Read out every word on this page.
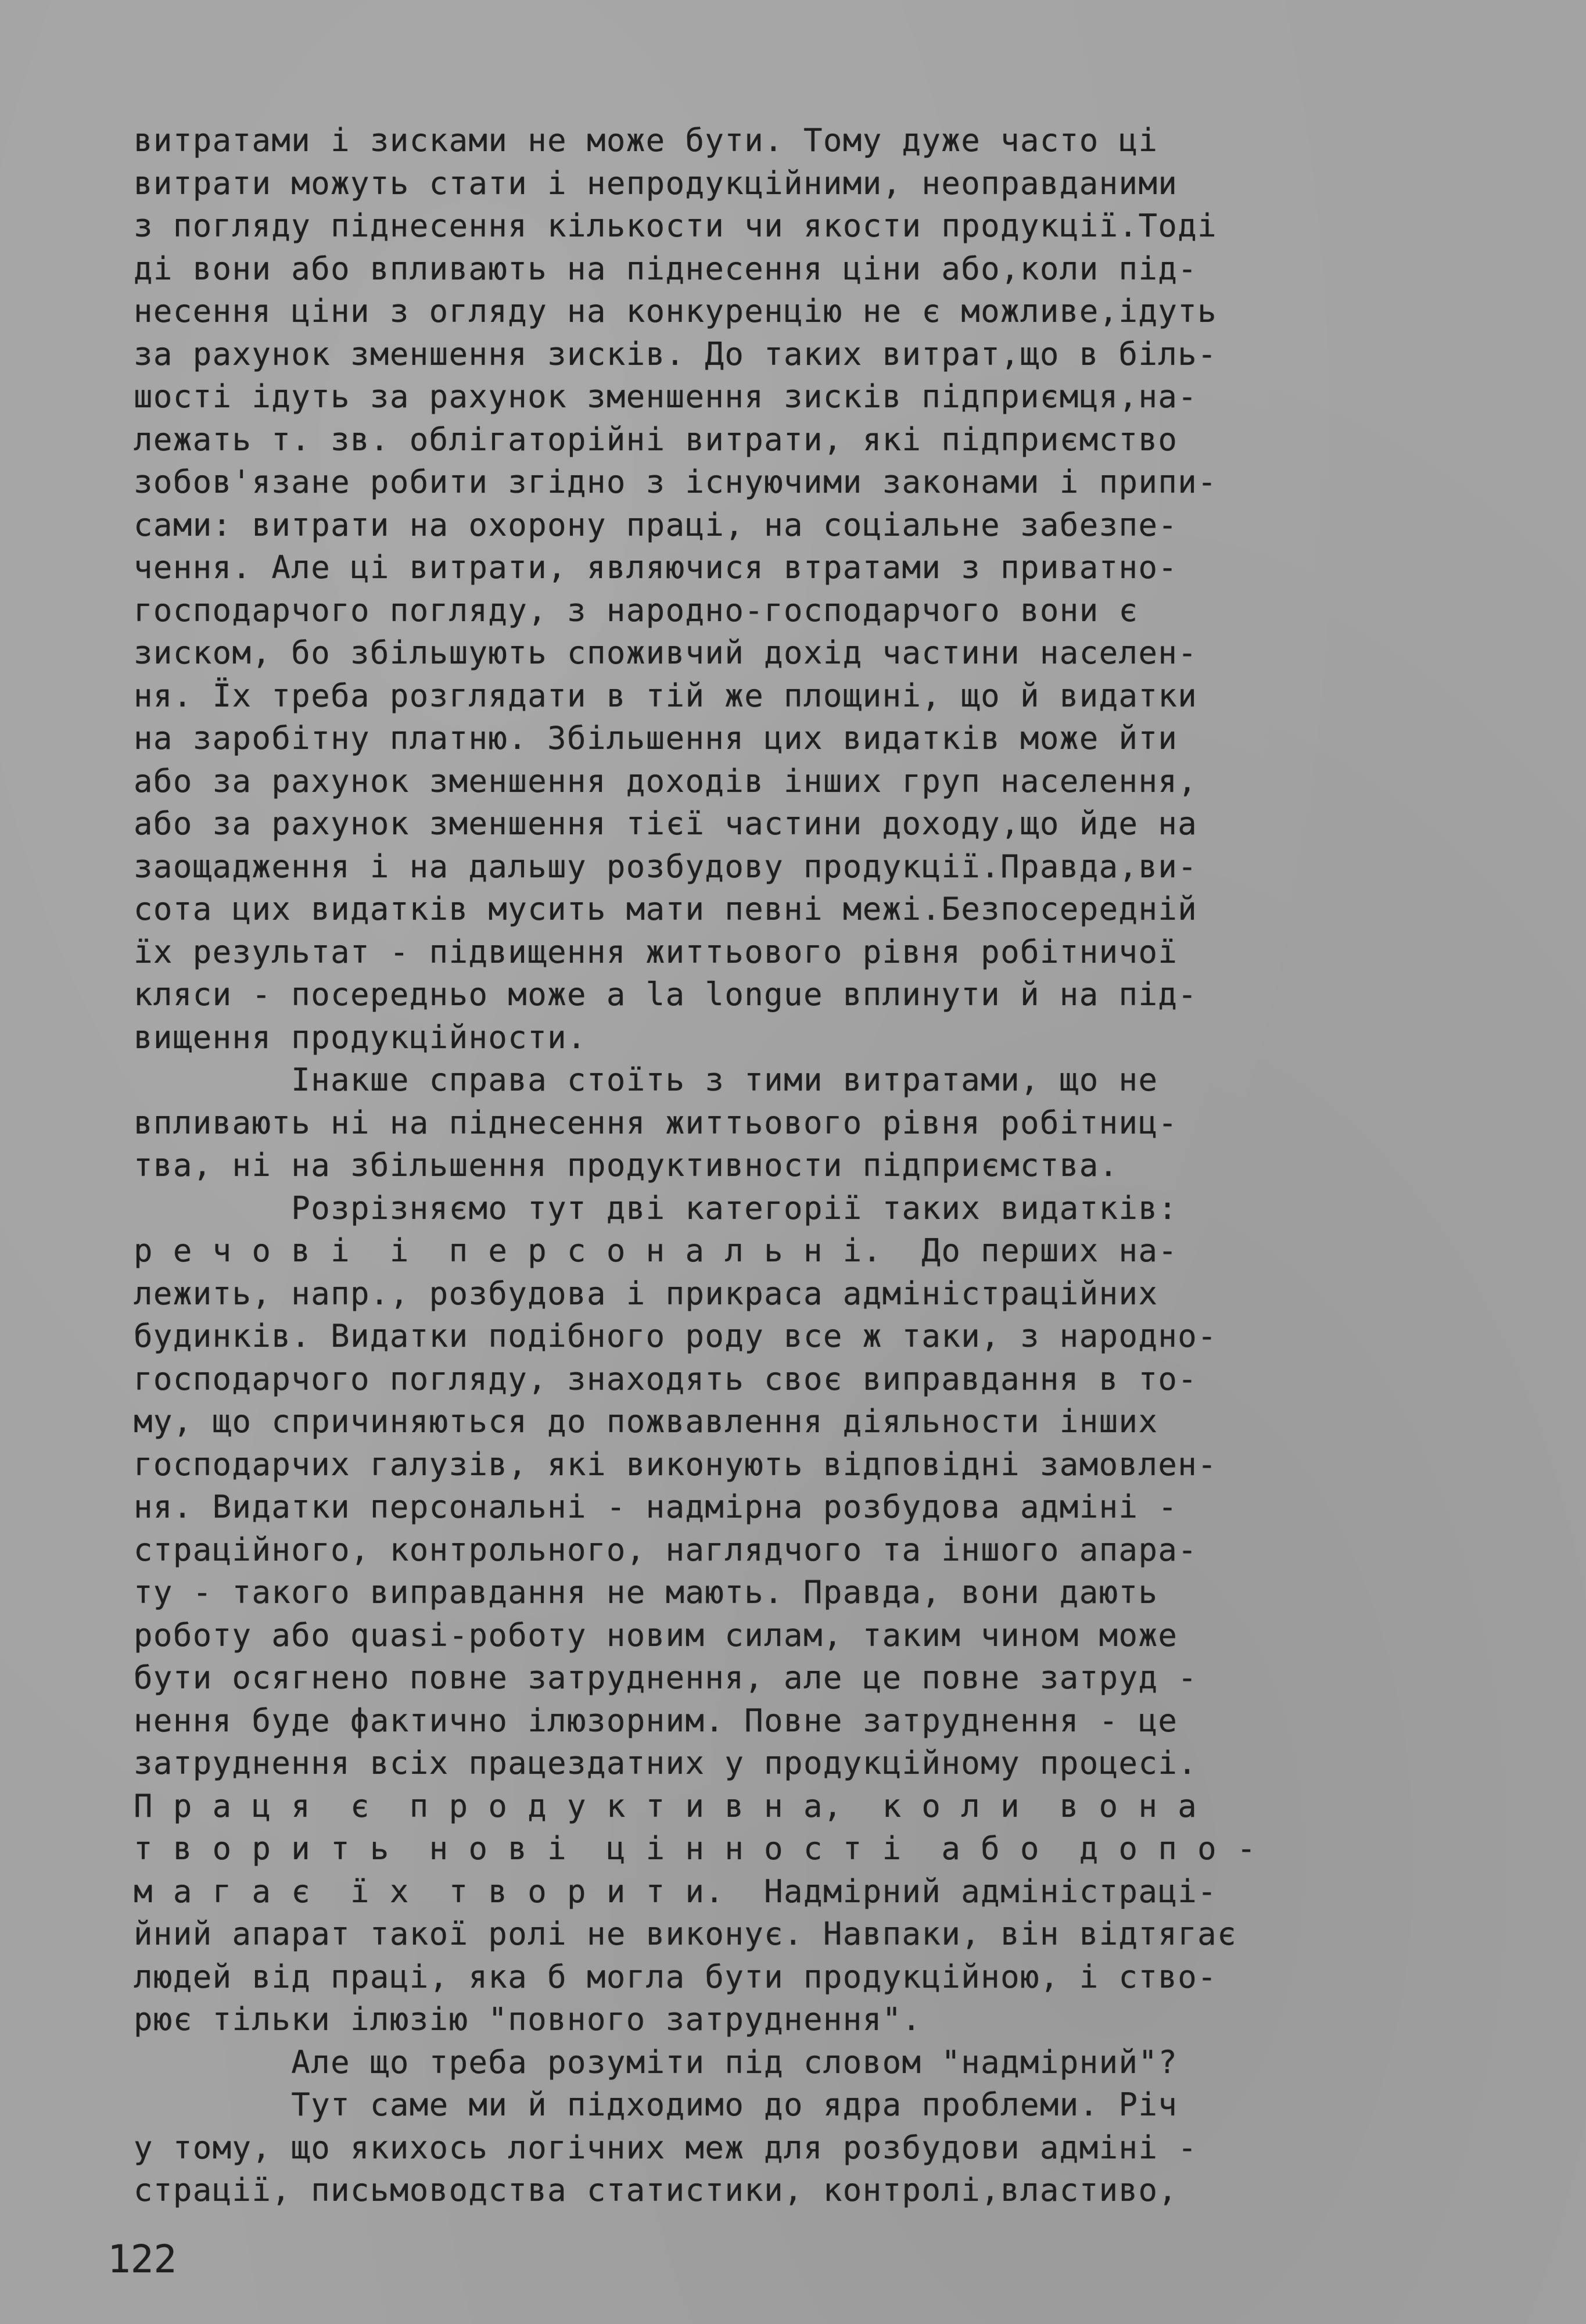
витратами і зисками не може бути. Тому дуже часто ці
витрати можуть стати і непродукційними, неоправданими
з погляду піднесення кількости чи якости продукції.Тоді
ді вони або впливають на піднесення ціни або,коли під-
несення ціни з огляду на конкуренцію не є можливе,ідуть
за рахунок зменшення зисків. До таких витрат,що в біль-
шості ідуть за рахунок зменшення зисків підприємця,на-
лежать т. зв. облігаторійні витрати, які підприємство
зобов'язане робити згідно з існуючими законами і припи-
сами: витрати на охорону праці, на соціальне забезпе-
чення. Але ці витрати, являючися втратами з приватно-
господарчого погляду, з народно-господарчого вони є
зиском, бо збільшують споживчий дохід частини населен-
ня. Їх треба розглядати в тій же площині, що й видатки
на заробітну платню. Збільшення цих видатків може йти
або за рахунок зменшення доходів інших груп населення,
або за рахунок зменшення тієї частини доходу,що йде на
заощадження і на дальшу розбудову продукції.Правда,ви-
сота цих видатків мусить мати певні межі.Безпосередній
їх результат - підвищення життьового рівня робітничої
кляси - посередньо може a la longue вплинути й на під-
вищення продукційности.
Інакше справа стоїть з тими витратами, що не
впливають ні на піднесення життьового рівня робітниц-
тва, ні на збільшення продуктивности підприємства.
Розрізняємо тут дві категорії таких видатків:
р е ч о в і  і  п е р с о н а л ь н і.  До перших на-
лежить, напр., розбудова і прикраса адміністраційних
будинків. Видатки подібного роду все ж таки, з народно-
господарчого погляду, знаходять своє виправдання в то-
му, що спричиняються до пожвавлення діяльности інших
господарчих галузів, які виконують відповідні замовлен-
ня. Видатки персональні - надмірна розбудова адміні -
страційного, контрольного, наглядчого та іншого апара-
ту - такого виправдання не мають. Правда, вони дають
роботу або quasi-роботу новим силам, таким чином може
бути осягнено повне затруднення, але це повне затруд -
нення буде фактично ілюзорним. Повне затруднення - це
затруднення всіх працездатних у продукційному процесі.
П р а ц я  є  п р о д у к т и в н а,  к о л и  в о н а
т в о р и т ь  н о в і  ц і н н о с т і  а б о  д о п о -
м а г а є  ї х  т в о р и т и.  Надмірний адміністраці-
йний апарат такої ролі не виконує. Навпаки, він відтягає
людей від праці, яка б могла бути продукційною, і ство-
рює тільки ілюзію "повного затруднення".
Але що треба розуміти під словом "надмірний"?
Тут саме ми й підходимо до ядра проблеми. Річ
у тому, що якихось логічних меж для розбудови адміні -
страції, письмоводства статистики, контролі,властиво,
122
